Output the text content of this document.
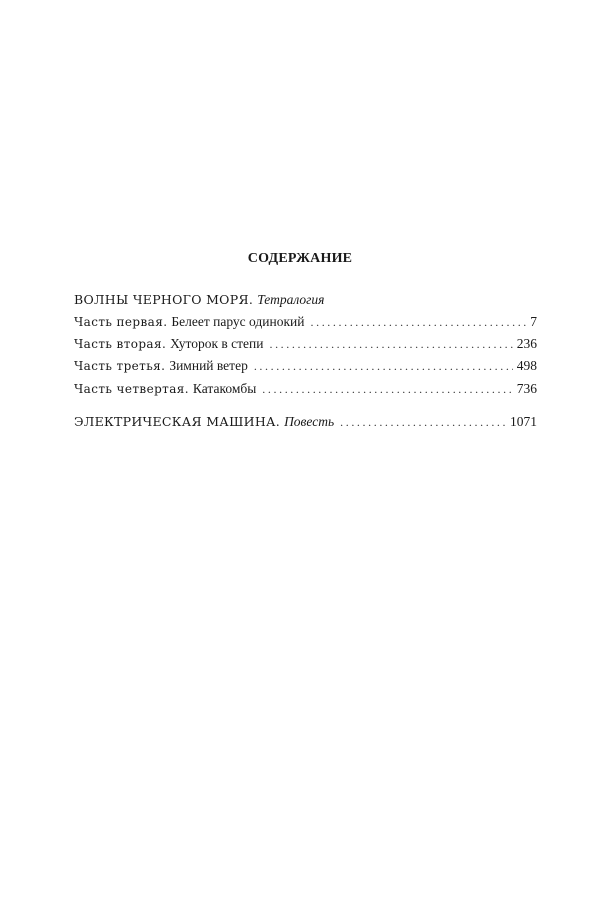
СОДЕРЖАНИЕ
ВОЛНЫ ЧЕРНОГО МОРЯ. Тетралогия
Часть первая. Белеет парус одинокий .....	7
Часть вторая. Хуторок в степи .....	236
Часть третья. Зимний ветер .....	498
Часть четвертая. Катакомбы .....	736
ЭЛЕКТРИЧЕСКАЯ МАШИНА. Повесть .....	1071
